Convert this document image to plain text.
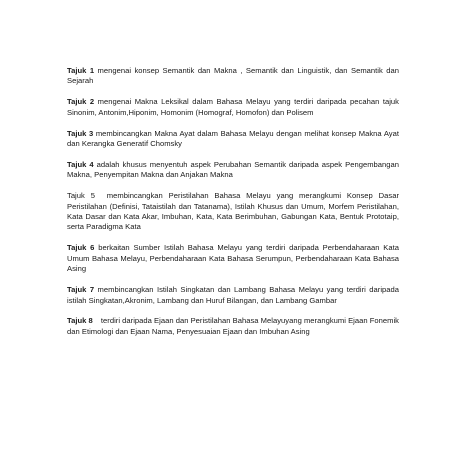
Tajuk 1 mengenai konsep Semantik dan Makna , Semantik dan Linguistik, dan Semantik dan Sejarah

Tajuk 2 mengenai Makna Leksikal dalam Bahasa Melayu yang terdiri daripada pecahan tajuk Sinonim, Antonim,Hiponim, Homonim (Homograf, Homofon) dan Polisem

Tajuk 3 membincangkan Makna Ayat dalam Bahasa Melayu dengan melihat konsep Makna Ayat dan Kerangka Generatif Chomsky

Tajuk 4 adalah khusus menyentuh aspek Perubahan Semantik daripada aspek Pengembangan Makna, Penyempitan Makna dan Anjakan Makna

Tajuk 5 membincangkan Peristilahan Bahasa Melayu yang merangkumi Konsep Dasar Peristilahan (Definisi, Tataistilah dan Tatanama), Istilah Khusus dan Umum, Morfem Peristilahan, Kata Dasar dan Kata Akar, Imbuhan, Kata, Kata Berimbuhan, Gabungan Kata, Bentuk Prototaip, serta Paradigma Kata

Tajuk 6 berkaitan Sumber Istilah Bahasa Melayu yang terdiri daripada Perbendaharaan Kata Umum Bahasa Melayu, Perbendaharaan Kata Bahasa Serumpun, Perbendaharaan Kata Bahasa Asing

Tajuk 7 membincangkan Istilah Singkatan dan Lambang Bahasa Melayu yang terdiri daripada istilah Singkatan,Akronim, Lambang dan Huruf Bilangan, dan Lambang Gambar

Tajuk 8 terdiri daripada Ejaan dan Peristilahan Bahasa Melayuyang merangkumi Ejaan Fonemik dan Etimologi dan Ejaan Nama, Penyesuaian Ejaan dan Imbuhan Asing
